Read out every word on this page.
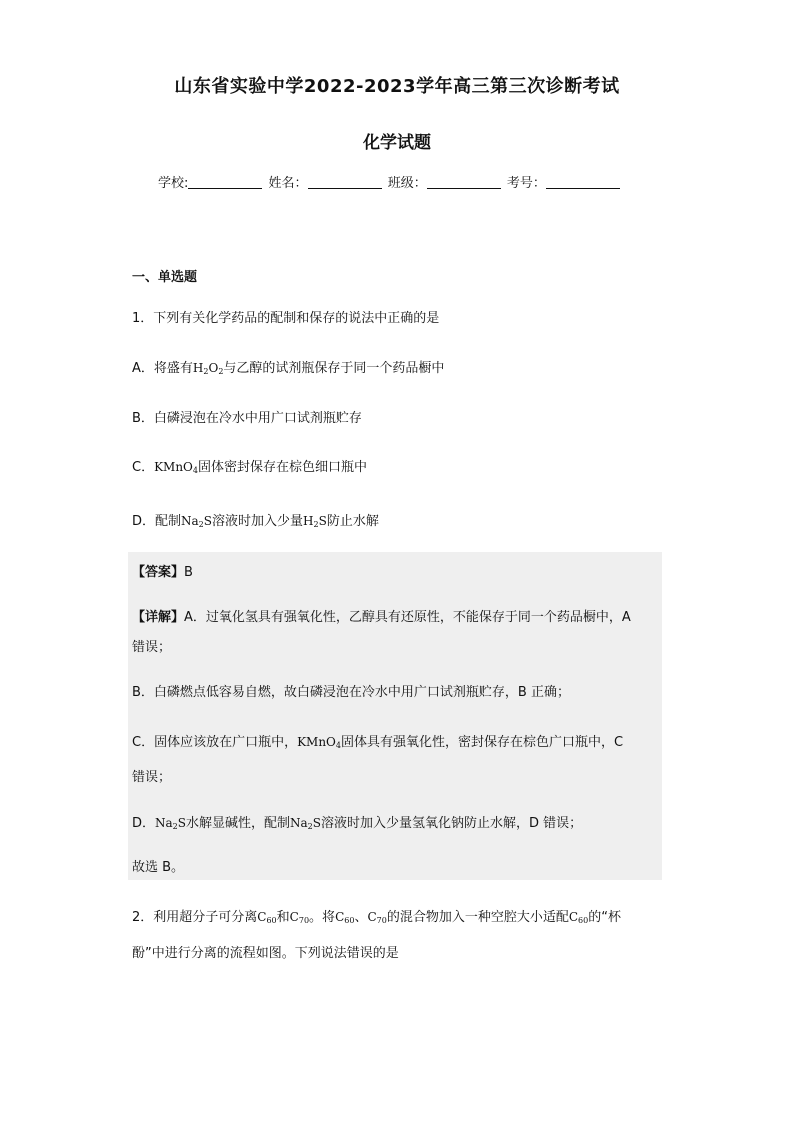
山东省实验中学2022-2023学年高三第三次诊断考试
化学试题
学校:	姓名：	班级：	考号：
一、单选题
1．下列有关化学药品的配制和保存的说法中正确的是
A．将盛有$H_2O_2$与乙醇的试剂瓶保存于同一个药品橱中
B．白磷浸泡在冷水中用广口试剂瓶贮存
C．KMnO$_4$固体密封保存在棕色细口瓶中
D．配制$Na_2S$溶液时加入少量$H_2S$防止水解
【答案】B
【详解】A．过氧化氢具有强氧化性，乙醇具有还原性，不能保存于同一个药品橱中，A
错误；
B．白磷燃点低容易自燃，故白磷浸泡在冷水中用广口试剂瓶贮存，B 正确；
C．固体应该放在广口瓶中，KMnO$_4$固体具有强氧化性，密封保存在棕色广口瓶中，C
错误；
D．$Na_2S$水解显碱性，配制$Na_2S$溶液时加入少量氢氧化钠防止水解，D 错误；
故选 B。
2．利用超分子可分离$C_{60}$和$C_{70}$。将$C_{60}$、$C_{70}$的混合物加入一种空腔大小适配$C_{60}$的“杯
酚”中进行分离的流程如图。下列说法错误的是
